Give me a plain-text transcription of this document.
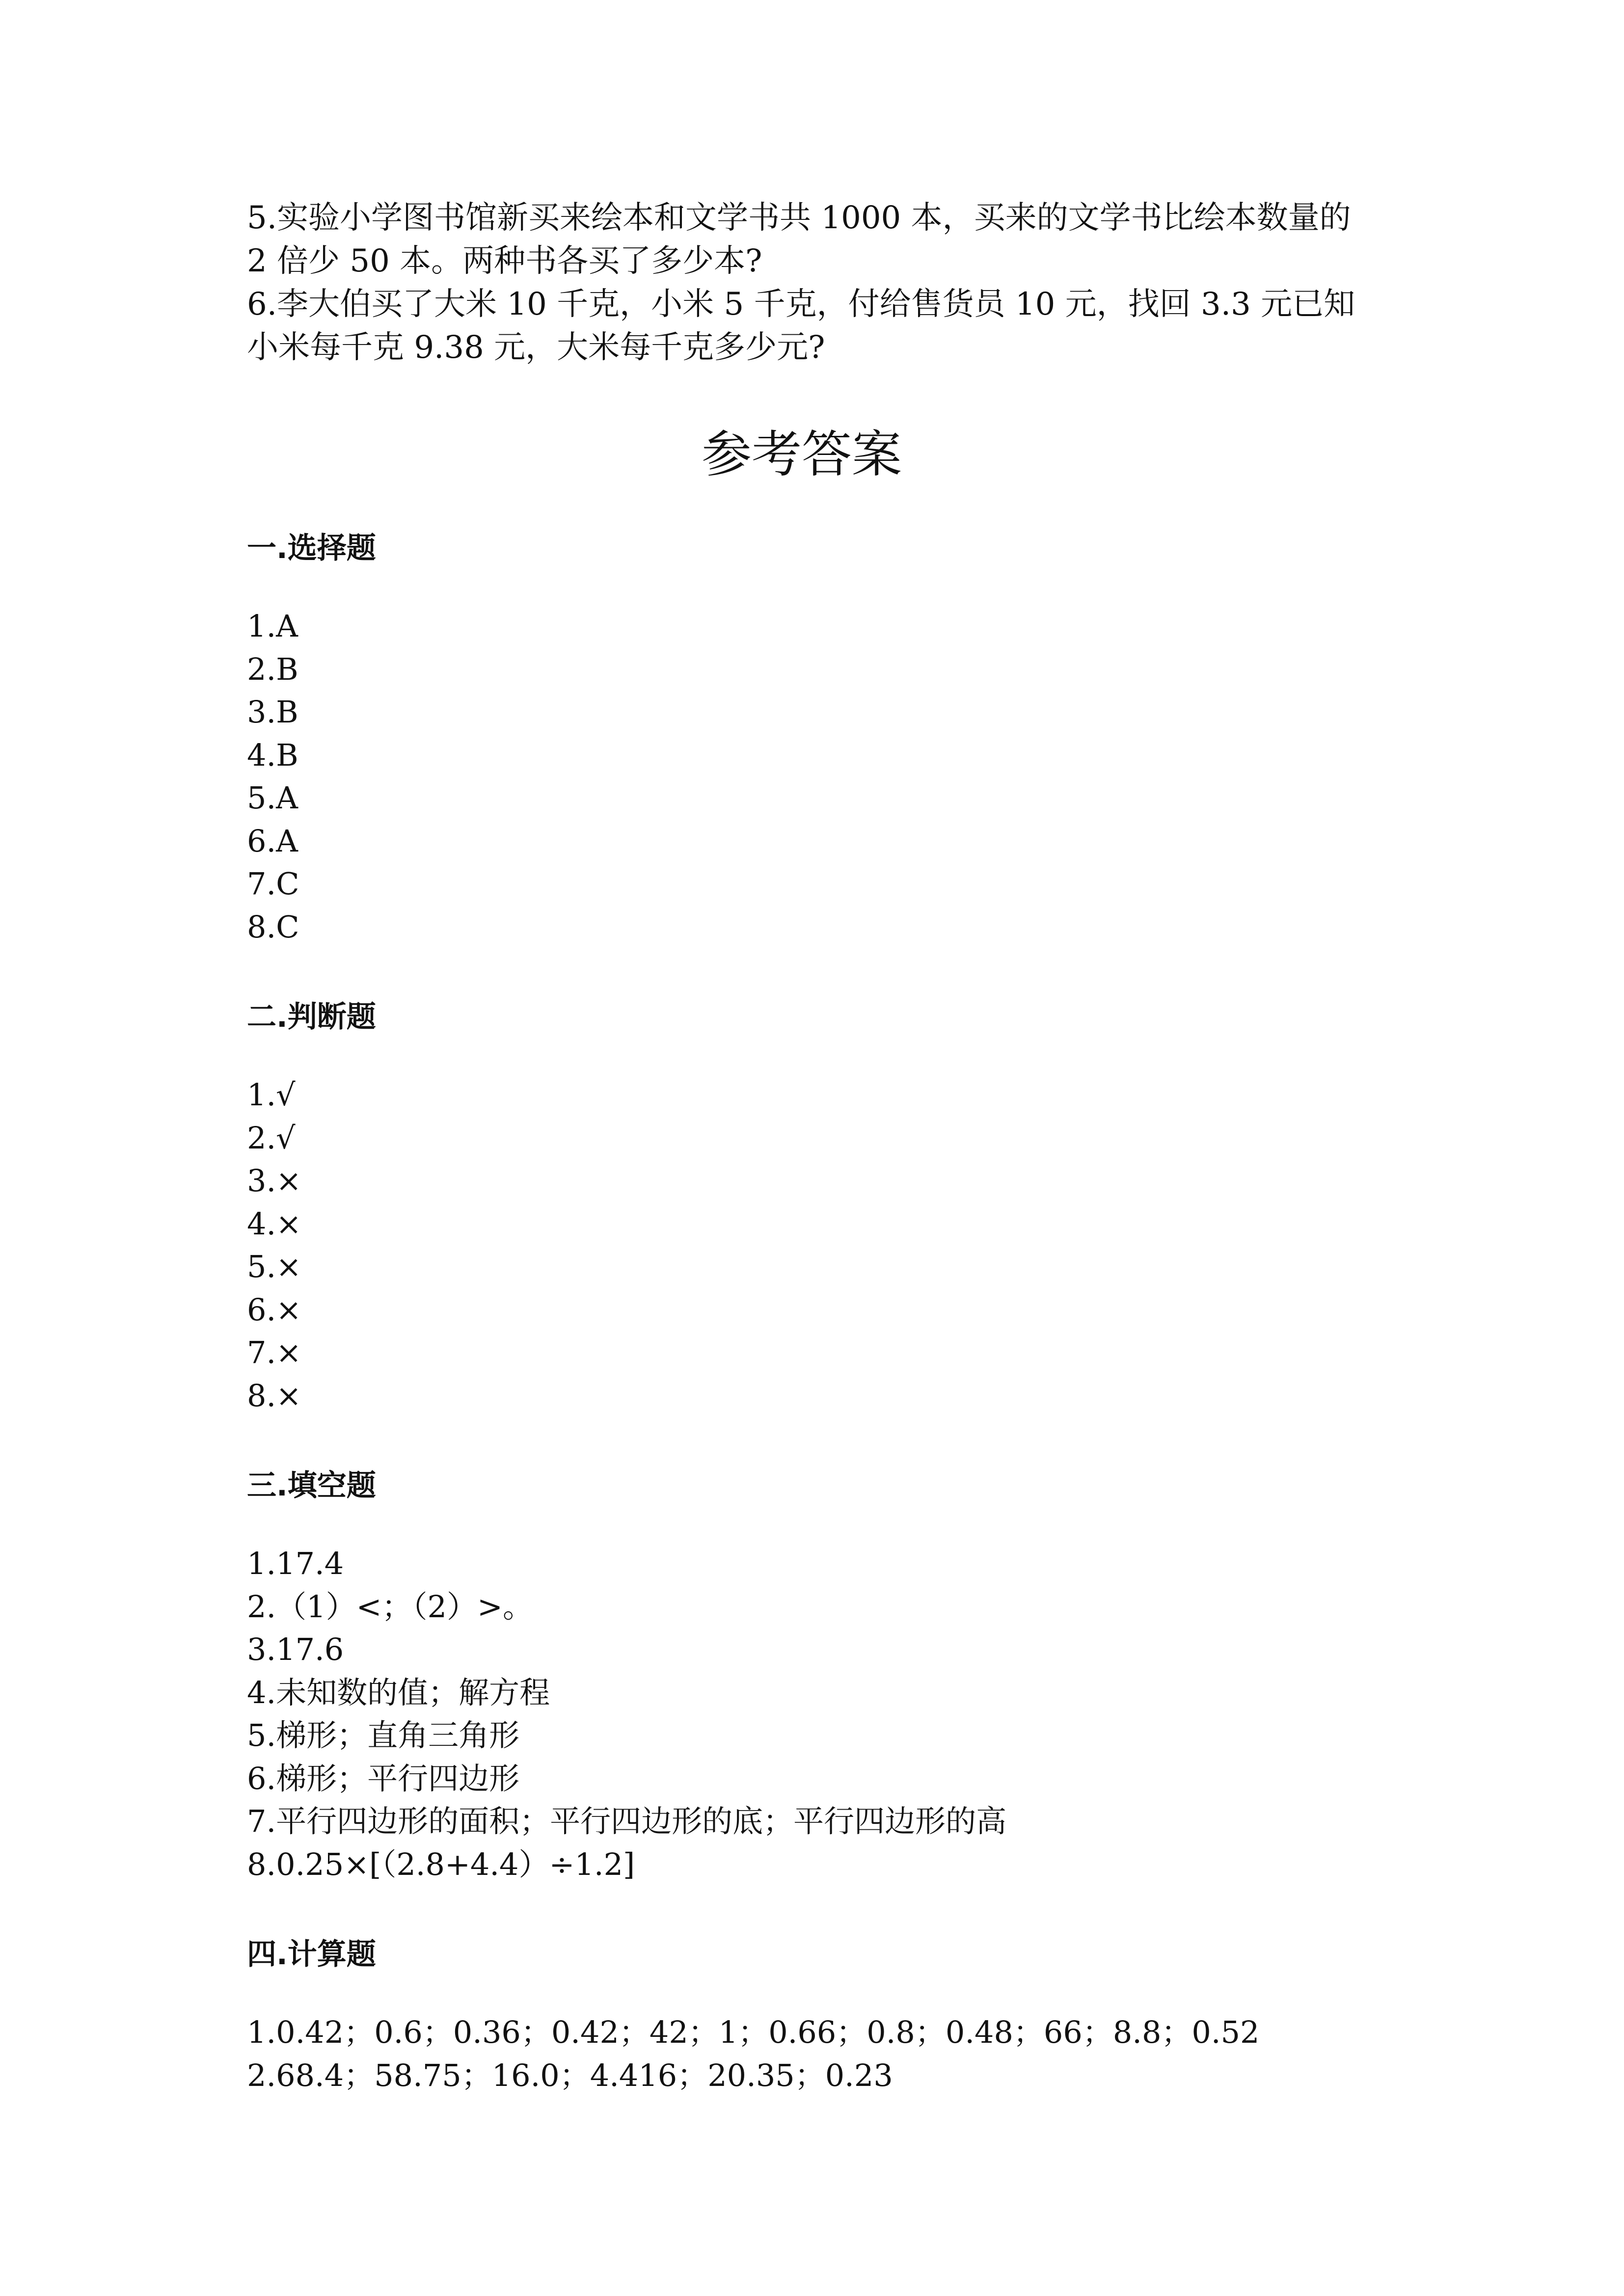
5.实验小学图书馆新买来绘本和文学书共 1000 本，买来的文学书比绘本数量的

2 倍少 50 本。两种书各买了多少本?

6.李大伯买了大米 10 千克，小米 5 千克，付给售货员 10 元，找回 3.3 元已知

小米每千克 9.38 元，大米每千克多少元?

参考答案
一.选择题
1.A
2.B
3.B
4.B
5.A
6.A
7.C
8.C
二.判断题
1.√
2.√
3.×
4.×
5.×
6.×
7.×
8.×
三.填空题
1.17.4
2.（1）<；（2）>。
3.17.6
4.未知数的值；解方程
5.梯形；直角三角形
6.梯形；平行四边形
7.平行四边形的面积；平行四边形的底；平行四边形的高
8.0.25×[（2.8+4.4）÷1.2]
四.计算题
1.0.42；0.6；0.36；0.42；42；1；0.66；0.8；0.48；66；8.8；0.52
2.68.4；58.75；16.0；4.416；20.35；0.23
